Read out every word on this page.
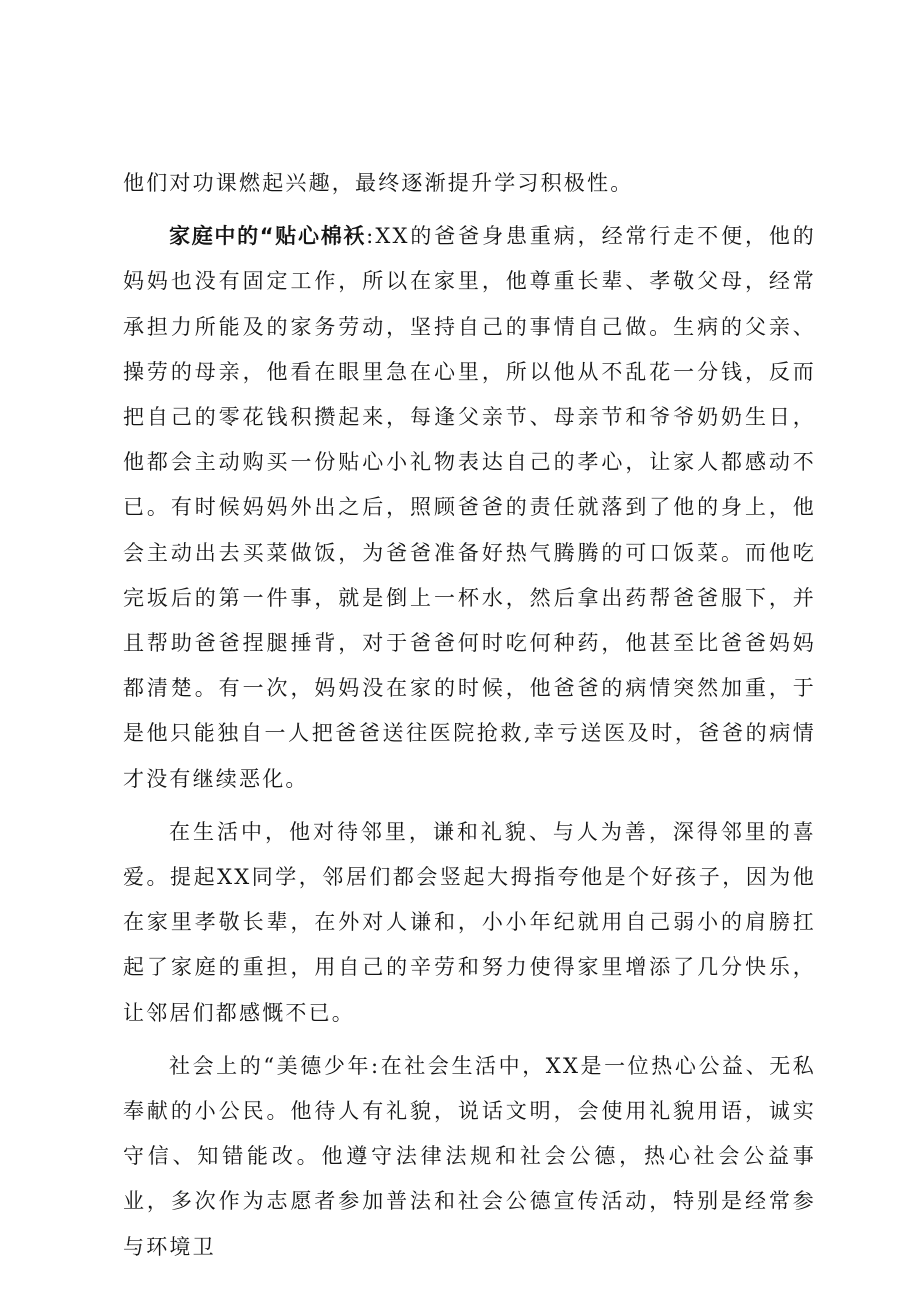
他们对功课燃起兴趣，最终逐渐提升学习积极性。

家庭中的“贴心棉袄:XX的爸爸身患重病，经常行走不便，他的妈妈也没有固定工作，所以在家里，他尊重长辈、孝敬父母，经常承担力所能及的家务劳动，坚持自己的事情自己做。生病的父亲、操劳的母亲，他看在眼里急在心里，所以他从不乱花一分钱，反而把自己的零花钱积攒起来，每逢父亲节、母亲节和爷爷奶奶生日，他都会主动购买一份贴心小礼物表达自己的孝心，让家人都感动不已。有时候妈妈外出之后，照顾爸爸的责任就落到了他的身上，他会主动出去买菜做饭，为爸爸准备好热气腾腾的可口饭菜。而他吃完坂后的第一件事，就是倒上一杯水，然后拿出药帮爸爸服下，并且帮助爸爸捏腿捶背，对于爸爸何时吃何种药，他甚至比爸爸妈妈都清楚。有一次，妈妈没在家的时候，他爸爸的病情突然加重，于是他只能独自一人把爸爸送往医院抢救,幸亏送医及时，爸爸的病情才没有继续恶化。

在生活中，他对待邻里，谦和礼貌、与人为善，深得邻里的喜爱。提起XX同学，邻居们都会竖起大拇指夸他是个好孩子，因为他在家里孝敬长辈，在外对人谦和，小小年纪就用自己弱小的肩膀扛起了家庭的重担，用自己的辛劳和努力使得家里增添了几分快乐，让邻居们都感慨不已。

社会上的“美德少年:在社会生活中，XX是一位热心公益、无私奉献的小公民。他待人有礼貌，说话文明，会使用礼貌用语，诚实守信、知错能改。他遵守法律法规和社会公德，热心社会公益事业，多次作为志愿者参加普法和社会公德宣传活动，特别是经常参与环境卫
